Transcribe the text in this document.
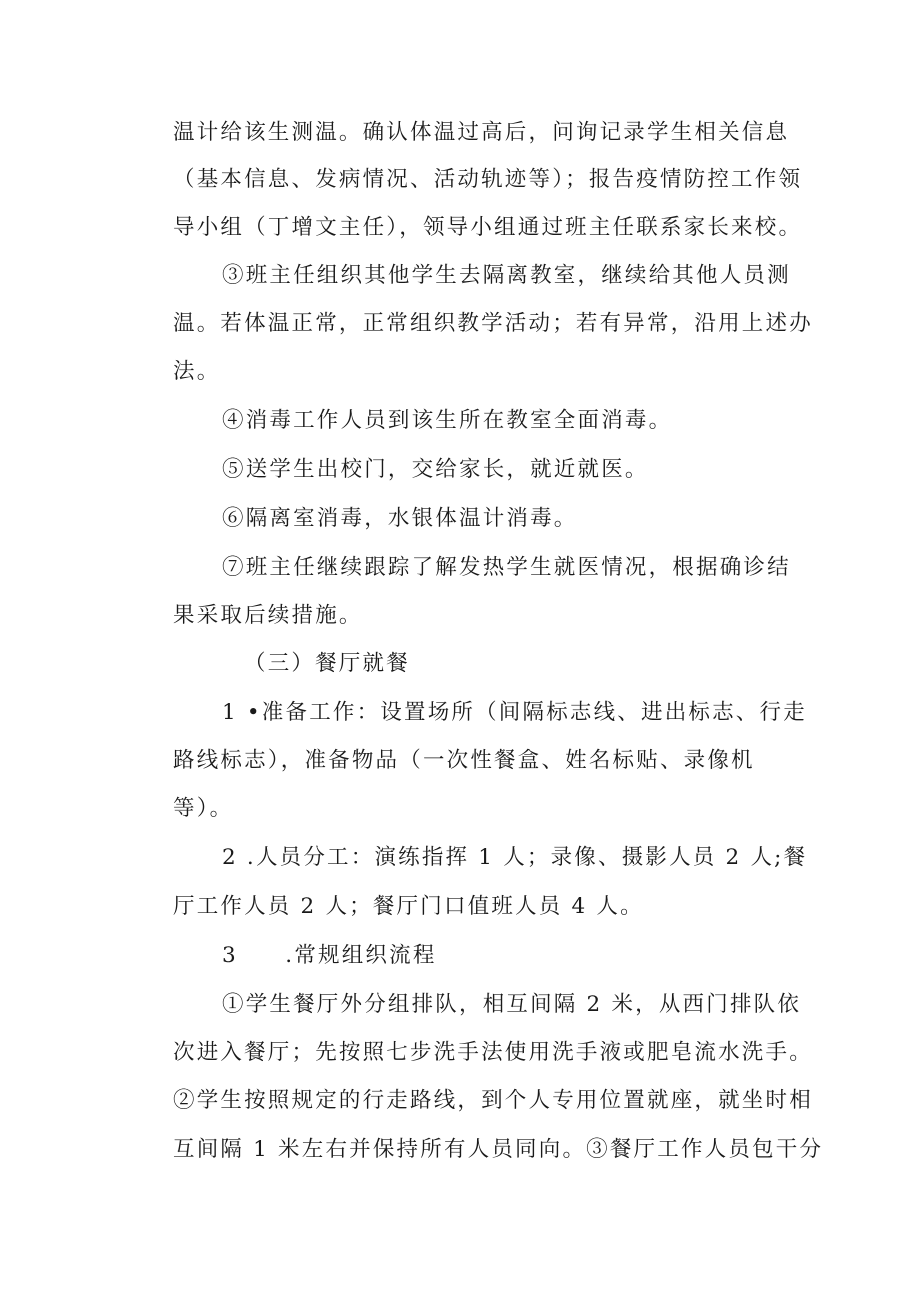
温计给该生测温。确认体温过高后，问询记录学生相关信息
（基本信息、发病情况、活动轨迹等）；报告疫情防控工作领
导小组（丁增文主任），领导小组通过班主任联系家长来校。
③班主任组织其他学生去隔离教室，继续给其他人员测
温。若体温正常，正常组织教学活动；若有异常，沿用上述办
法。
④消毒工作人员到该生所在教室全面消毒。
⑤送学生出校门，交给家长，就近就医。
⑥隔离室消毒，水银体温计消毒。
⑦班主任继续跟踪了解发热学生就医情况，根据确诊结
果采取后续措施。
（三）餐厅就餐
1 •准备工作：设置场所（间隔标志线、进出标志、行走
路线标志），准备物品（一次性餐盒、姓名标贴、录像机
等）。
2 .人员分工：演练指挥 1 人；录像、摄影人员 2 人;餐
厅工作人员 2 人；餐厅门口值班人员 4 人。
3　　.常规组织流程
①学生餐厅外分组排队，相互间隔 2 米，从西门排队依
次进入餐厅；先按照七步洗手法使用洗手液或肥皂流水洗手。
②学生按照规定的行走路线，到个人专用位置就座，就坐时相
互间隔 1 米左右并保持所有人员同向。③餐厅工作人员包干分
